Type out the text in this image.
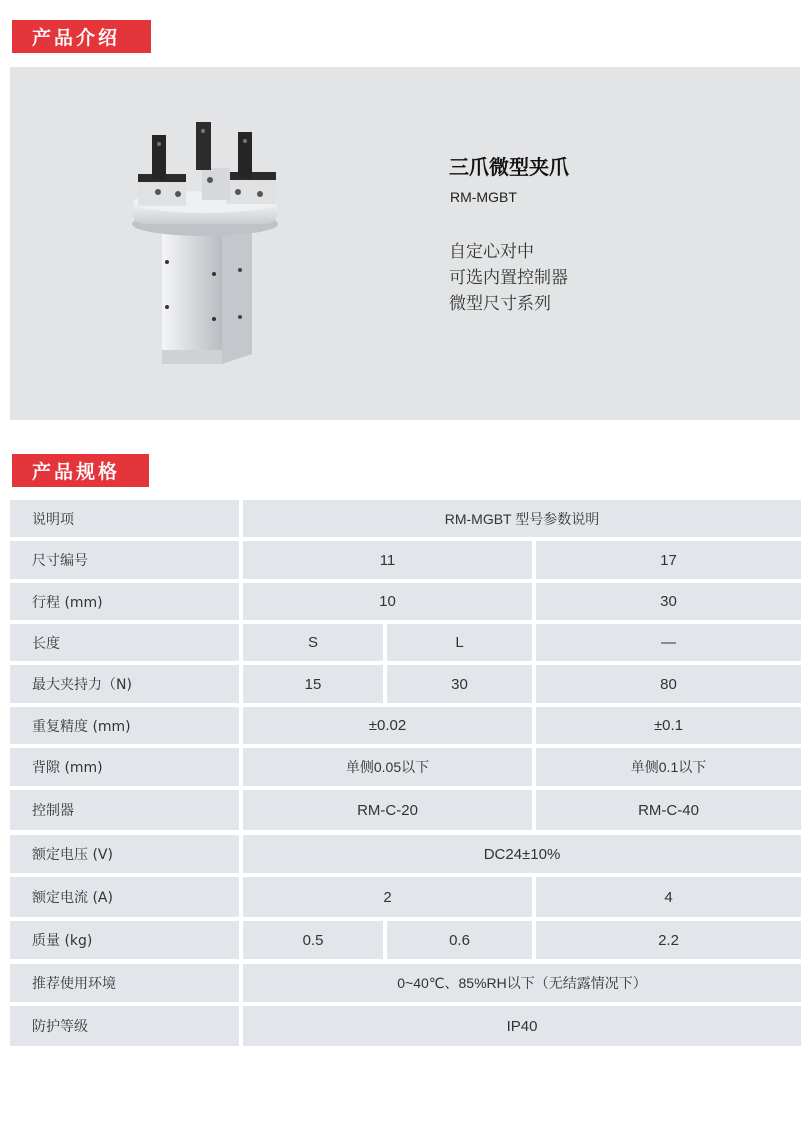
产品介绍
三爪微型夹爪
RM-MGBT
自定心对中
可选内置控制器
微型尺寸系列
产品规格
说明项	RM-MGBT 型号参数说明
尺寸编号	11	17
行程 (mm)	10	30
长度	S	L	—
最大夹持力（N)	15	30	80
重复精度 (mm)	±0.02	±0.1
背隙 (mm)	单侧0.05以下	单侧0.1以下
控制器	RM-C-20	RM-C-40
额定电压 (V)	DC24±10%
额定电流 (A)	2	4
质量 (kg)	0.5	0.6	2.2
推荐使用环境	0~40℃、85%RH以下（无结露情况下）
防护等级	IP40
